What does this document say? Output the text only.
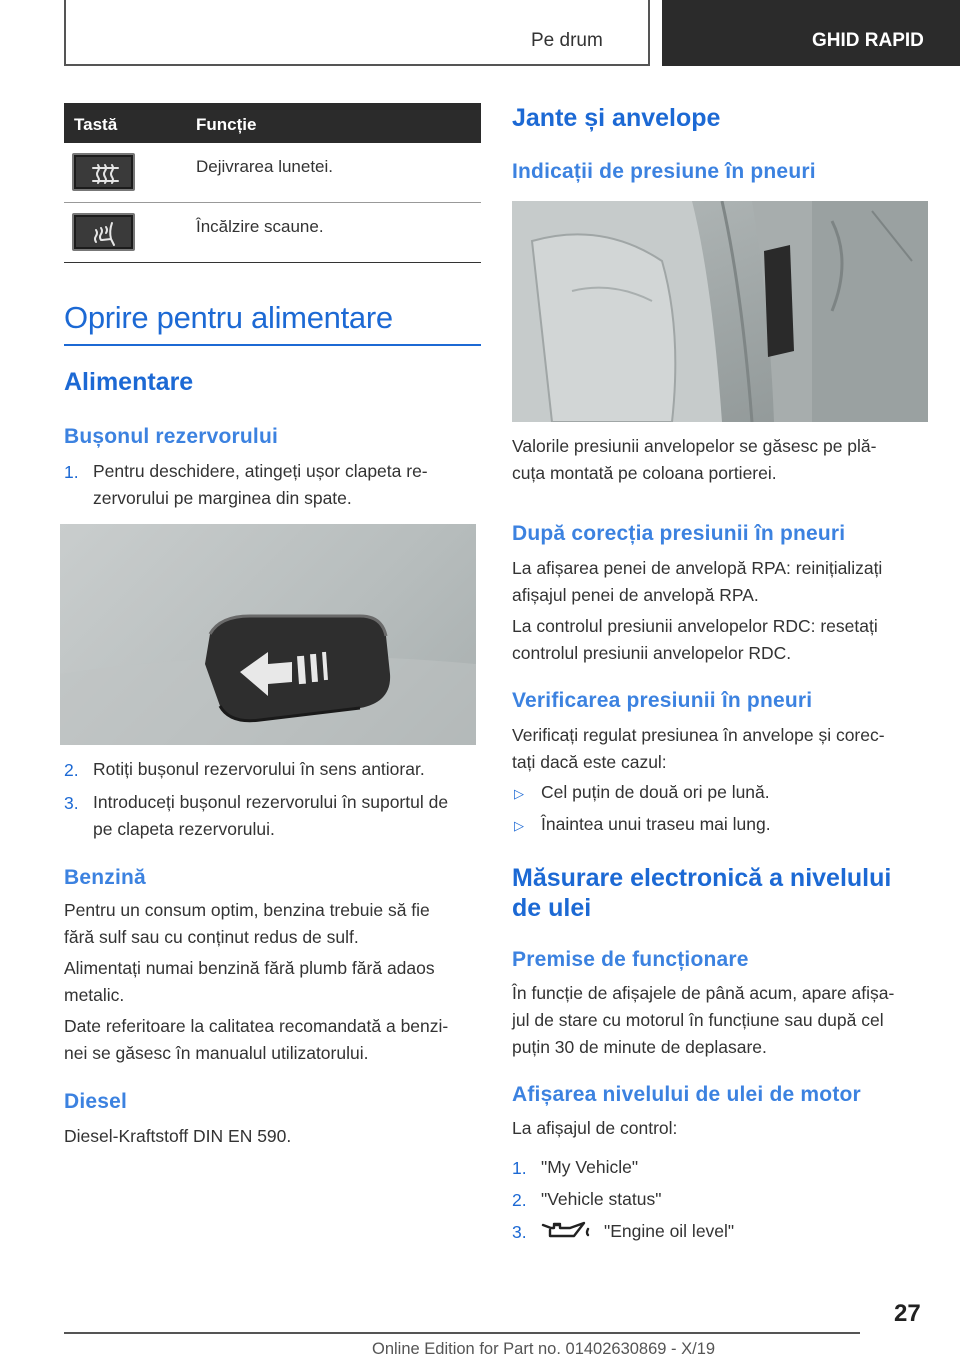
Pe drum	GHID RAPID
Tastă	Funcție
Dejivrarea lunetei.
Încălzire scaune.
Oprire pentru alimentare
Alimentare
Bușonul rezervorului
1. Pentru deschidere, atingeți ușor clapeta re-
zervorului pe marginea din spate.
2. Rotiți bușonul rezervorului în sens antiorar.
3. Introduceți bușonul rezervorului în suportul de
pe clapeta rezervorului.
Benzină
Pentru un consum optim, benzina trebuie să fie
fără sulf sau cu conținut redus de sulf.
Alimentați numai benzină fără plumb fără adaos
metalic.
Date referitoare la calitatea recomandată a benzi-
nei se găsesc în manualul utilizatorului.
Diesel
Diesel-Kraftstoff DIN EN 590.
Jante și anvelope
Indicații de presiune în pneuri
Valorile presiunii anvelopelor se găsesc pe plă-
cuța montată pe coloana portierei.
După corecția presiunii în pneuri
La afișarea penei de anvelopă RPA: reinițializați
afișajul penei de anvelopă RPA.
La controlul presiunii anvelopelor RDC: resetați
controlul presiunii anvelopelor RDC.
Verificarea presiunii în pneuri
Verificați regulat presiunea în anvelope și corec-
tați dacă este cazul:
▷ Cel puțin de două ori pe lună.
▷ Înaintea unui traseu mai lung.
Măsurare electronică a nivelului
de ulei
Premise de funcționare
În funcție de afișajele de până acum, apare afișa-
jul de stare cu motorul în funcțiune sau după cel
puțin 30 de minute de deplasare.
Afișarea nivelului de ulei de motor
La afișajul de control:
1. "My Vehicle"
2. "Vehicle status"
3.	"Engine oil level"
27
Online Edition for Part no. 01402630869 - X/19
